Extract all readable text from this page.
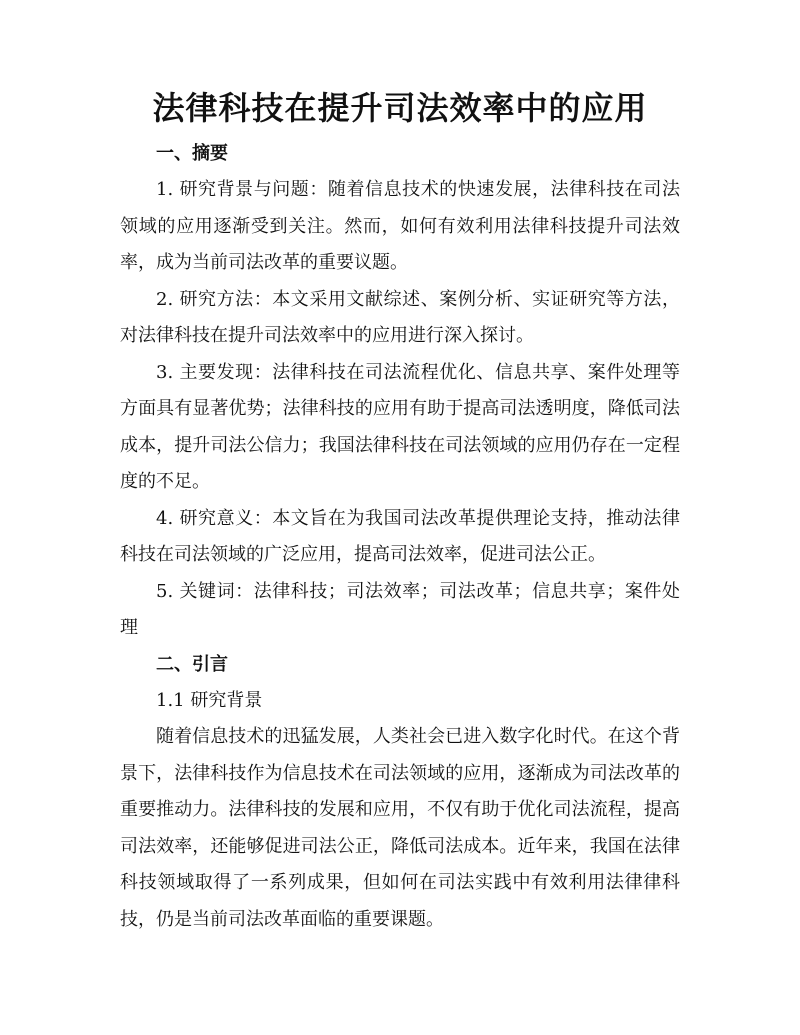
法律科技在提升司法效率中的应用

一、摘要

1. 研究背景与问题：随着信息技术的快速发展，法律科技在司法领域的应用逐渐受到关注。然而，如何有效利用法律科技提升司法效率，成为当前司法改革的重要议题。

2. 研究方法：本文采用文献综述、案例分析、实证研究等方法，对法律科技在提升司法效率中的应用进行深入探讨。

3. 主要发现：法律科技在司法流程优化、信息共享、案件处理等方面具有显著优势；法律科技的应用有助于提高司法透明度，降低司法成本，提升司法公信力；我国法律科技在司法领域的应用仍存在一定程度的不足。

4. 研究意义：本文旨在为我国司法改革提供理论支持，推动法律科技在司法领域的广泛应用，提高司法效率，促进司法公正。

5. 关键词：法律科技；司法效率；司法改革；信息共享；案件处理

二、引言

1.1 研究背景

随着信息技术的迅猛发展，人类社会已进入数字化时代。在这个背景下，法律科技作为信息技术在司法领域的应用，逐渐成为司法改革的重要推动力。法律科技的发展和应用，不仅有助于优化司法流程，提高司法效率，还能够促进司法公正，降低司法成本。近年来，我国在法律科技领域取得了一系列成果，但如何在司法实践中有效利用法律律科技，仍是当前司法改革面临的重要课题。
